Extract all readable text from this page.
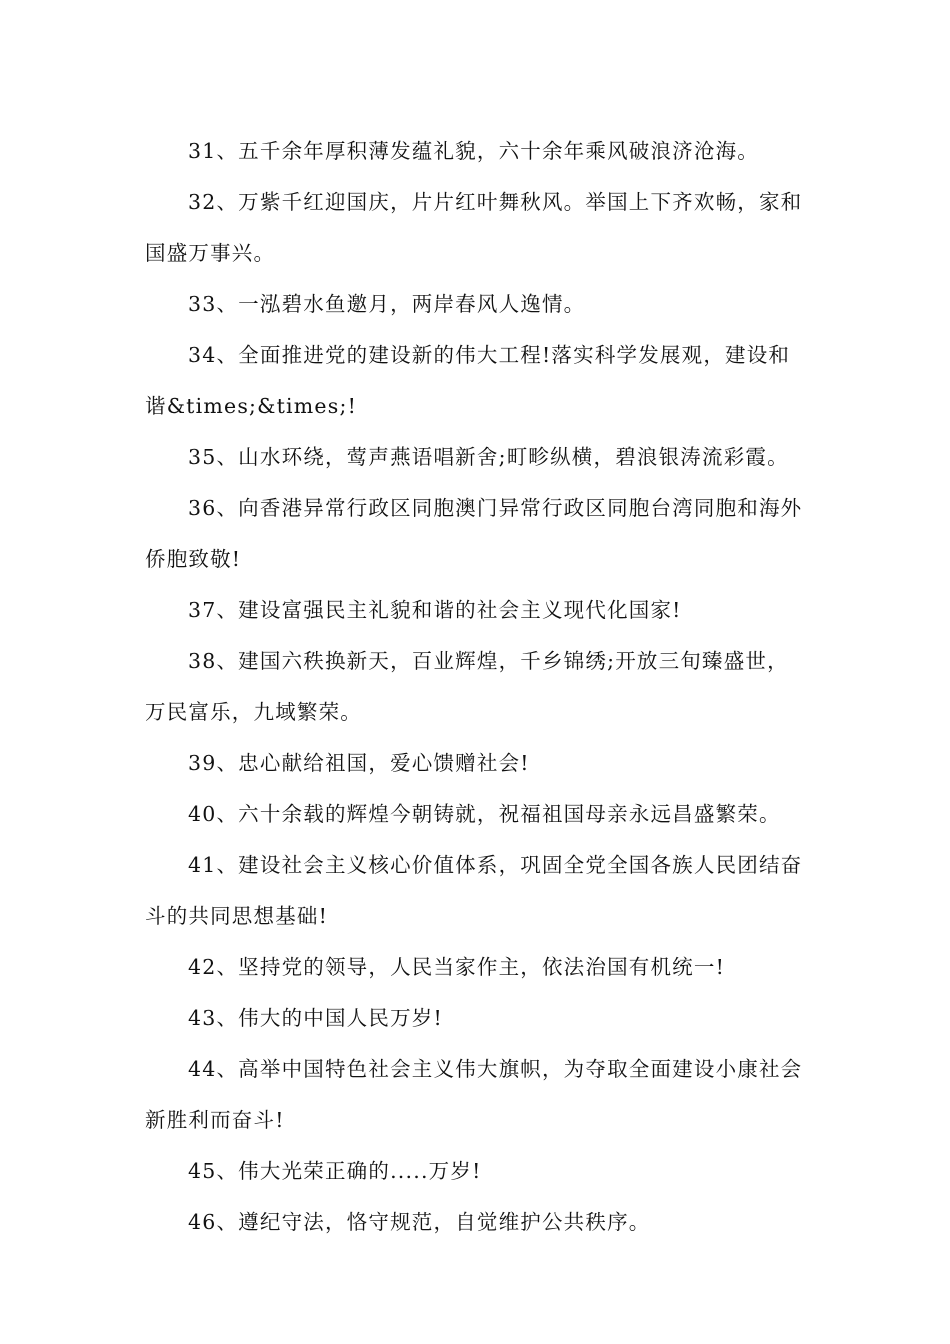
31、五千余年厚积薄发蕴礼貌，六十余年乘风破浪济沧海。

32、万紫千红迎国庆，片片红叶舞秋风。举国上下齐欢畅，家和国盛万事兴。

33、一泓碧水鱼邀月，两岸春风人逸情。

34、全面推进党的建设新的伟大工程!落实科学发展观，建设和谐&times;&times;!

35、山水环绕，莺声燕语唱新舍;町畛纵横，碧浪银涛流彩霞。

36、向香港异常行政区同胞澳门异常行政区同胞台湾同胞和海外侨胞致敬!

37、建设富强民主礼貌和谐的社会主义现代化国家!

38、建国六秩换新天，百业辉煌，千乡锦绣;开放三旬臻盛世，万民富乐，九域繁荣。

39、忠心献给祖国，爱心馈赠社会!

40、六十余载的辉煌今朝铸就，祝福祖国母亲永远昌盛繁荣。

41、建设社会主义核心价值体系，巩固全党全国各族人民团结奋斗的共同思想基础!

42、坚持党的领导，人民当家作主，依法治国有机统一!

43、伟大的中国人民万岁!

44、高举中国特色社会主义伟大旗帜，为夺取全面建设小康社会新胜利而奋斗!

45、伟大光荣正确的.....万岁!

46、遵纪守法，恪守规范，自觉维护公共秩序。
